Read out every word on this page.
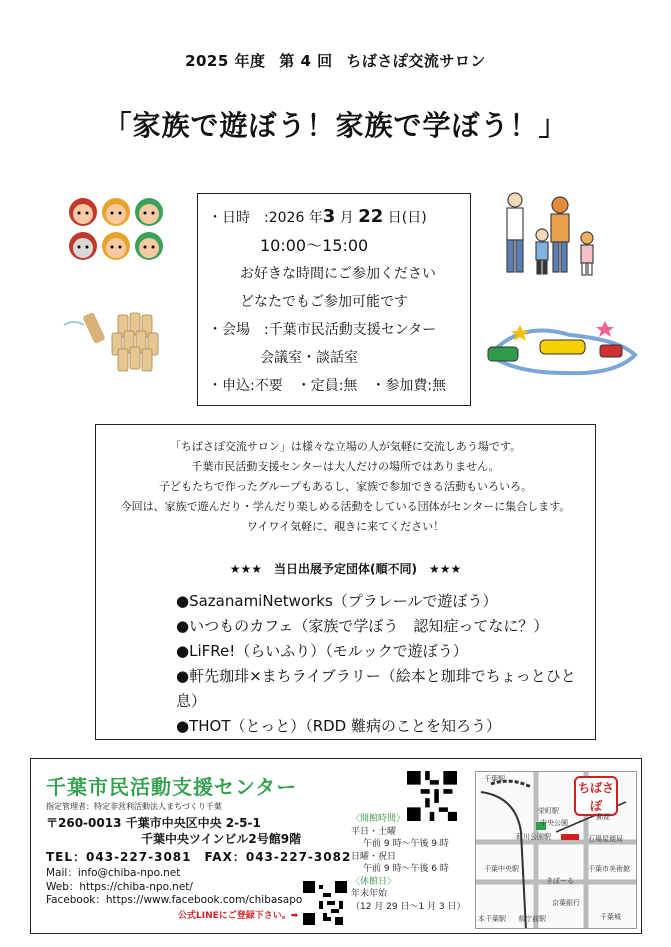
2025 年度 第 4 回 ちばさぽ交流サロン
「家族で遊ぼう！家族で学ぼう！」
・日時　:2026 年3 月 22 日(日)
10:00～15:00
お好きな時間にご参加ください
どなたでもご参加可能です
・会場　:千葉市民活動支援センター
会議室・談話室
・申込:不要　・定員:無　・参加費:無

「ちばさぽ交流サロン」は様々な立場の人が気軽に交流しあう場です。

千葉市民活動支援センターは大人だけの場所ではありません。

子どもたちで作ったグループもあるし、家族で参加できる活動もいろいろ。

今回は、家族で遊んだり・学んだり楽しめる活動をしている団体がセンターに集合します。

ワイワイ気軽に、覗きに来てください！

★★★　当日出展予定団体(順不同)　★★★

●SazanamiNetworks（プラレールで遊ぼう）

●いつものカフェ（家族で学ぼう　認知症ってなに？）

●LiFRe!（らいふり）（モルックで遊ぼう）

●軒先珈琲×まちライブラリー（絵本と珈琲でちょっとひと息）

●THOT（とっと）（RDD 難病のことを知ろう）

千葉市民活動支援センター
指定管理者：特定非営利活動法人まちづくり千葉
〒260-0013 千葉市中央区中央 2-5-1
千葉中央ツインビル2号館9階
TEL：043-227-3081　FAX：043-227-3082
Mail：info@chiba-npo.net
Web：https://chiba-npo.net/
Facebook：https://www.facebook.com/chibasapo
公式LINEにご登録下さい。➡
〈開館時間〉
平日・土曜
午前 9 時～午後 9 時
日曜・祝日
午前 9 時～午後 6 時
〈休館日〉
年末年始
（12 月 29 日～1 月 3 日）
ちばさぽ
千葉駅
栄町駅
中央公園
葭川公園駅	石場屋便局
千葉中央駅	千葉市美術館
きぼーる
京葉銀行
本千葉駅 県庁前駅	千葉城
郵便
